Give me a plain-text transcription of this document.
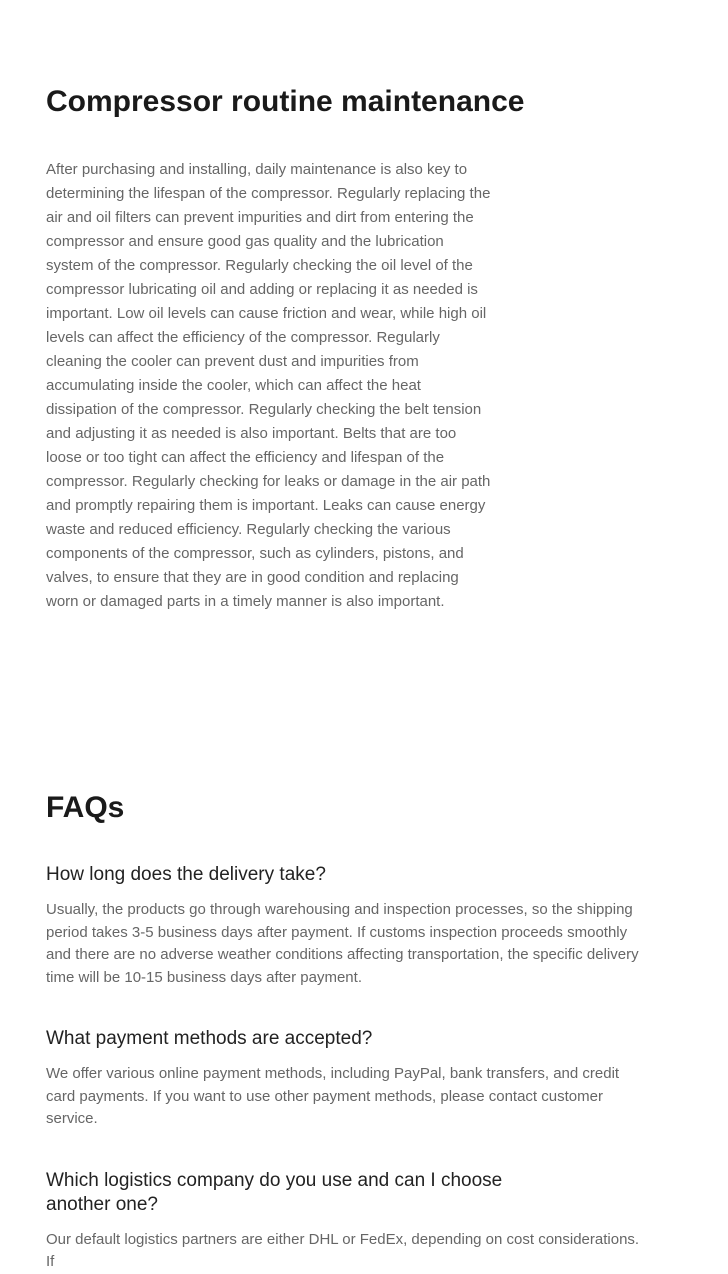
Compressor routine maintenance

After purchasing and installing, daily maintenance is also key to determining the lifespan of the compressor. Regularly replacing the air and oil filters can prevent impurities and dirt from entering the compressor and ensure good gas quality and the lubrication system of the compressor. Regularly checking the oil level of the compressor lubricating oil and adding or replacing it as needed is important. Low oil levels can cause friction and wear, while high oil levels can affect the efficiency of the compressor. Regularly cleaning the cooler can prevent dust and impurities from accumulating inside the cooler, which can affect the heat dissipation of the compressor. Regularly checking the belt tension and adjusting it as needed is also important. Belts that are too loose or too tight can affect the efficiency and lifespan of the compressor. Regularly checking for leaks or damage in the air path and promptly repairing them is important. Leaks can cause energy waste and reduced efficiency. Regularly checking the various components of the compressor, such as cylinders, pistons, and valves, to ensure that they are in good condition and replacing worn or damaged parts in a timely manner is also important.

FAQs
How long does the delivery take?

Usually, the products go through warehousing and inspection processes, so the shipping period takes 3-5 business days after payment. If customs inspection proceeds smoothly and there are no adverse weather conditions affecting transportation, the specific delivery time will be 10-15 business days after payment.

What payment methods are accepted?

We offer various online payment methods, including PayPal, bank transfers, and credit card payments. If you want to use other payment methods, please contact customer service.

Which logistics company do you use and can I choose another one?

Our default logistics partners are either DHL or FedEx, depending on cost considerations. If
